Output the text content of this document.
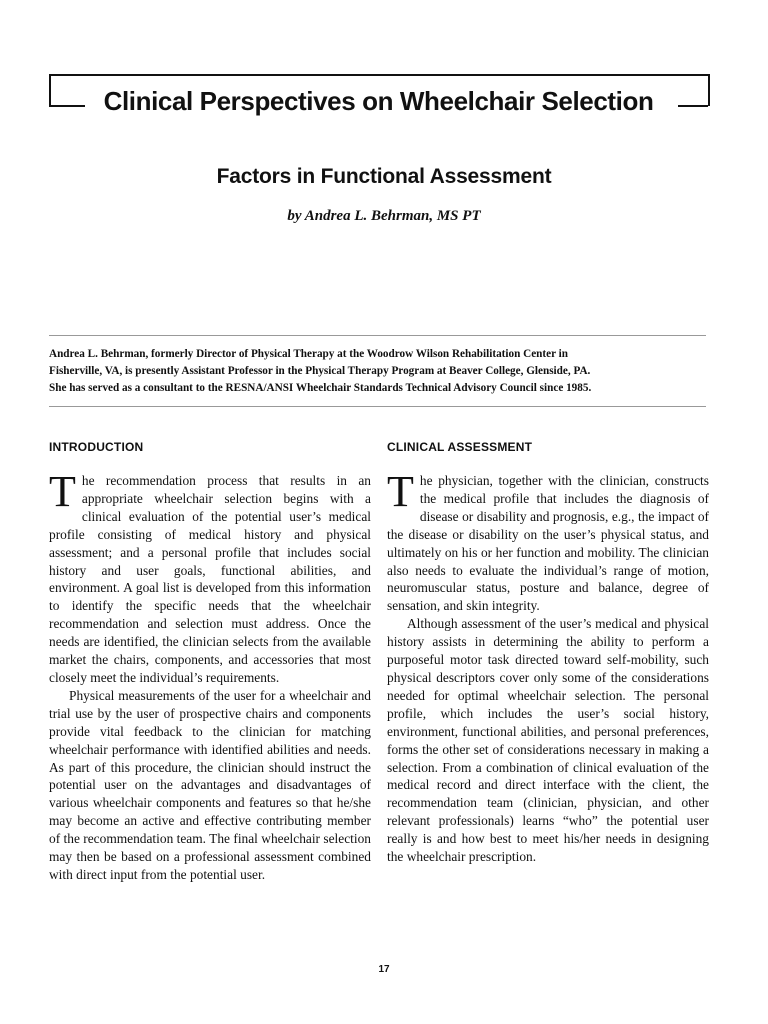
Clinical Perspectives on Wheelchair Selection
Factors in Functional Assessment
by Andrea L. Behrman, MS PT
Andrea L. Behrman, formerly Director of Physical Therapy at the Woodrow Wilson Rehabilitation Center in
Fisherville, VA, is presently Assistant Professor in the Physical Therapy Program at Beaver College, Glenside, PA.
She has served as a consultant to the RESNA/ANSI Wheelchair Standards Technical Advisory Council since 1985.
INTRODUCTION	CLINICAL ASSESSMENT

The recommendation process that results in an appropriate wheelchair selection begins with a clinical evaluation of the potential user’s medical profile consisting of medical history and physical assessment; and a personal profile that includes social history and user goals, functional abilities, and environment. A goal list is developed from this information to identify the specific needs that the wheelchair recommendation and selection must address. Once the needs are identified, the clinician selects from the available market the chairs, components, and accessories that most closely meet the individual’s requirements.

Physical measurements of the user for a wheelchair and trial use by the user of prospective chairs and components provide vital feedback to the clinician for matching wheelchair performance with identified abilities and needs. As part of this procedure, the clinician should instruct the potential user on the advantages and disadvantages of various wheelchair components and features so that he/she may become an active and effective contributing member of the recommendation team. The final wheelchair selection may then be based on a professional assessment combined with direct input from the potential user.

The physician, together with the clinician, constructs the medical profile that includes the diagnosis of disease or disability and prognosis, e.g., the impact of the disease or disability on the user’s physical status, and ultimately on his or her function and mobility. The clinician also needs to evaluate the individual’s range of motion, neuromuscular status, posture and balance, degree of sensation, and skin integrity.

Although assessment of the user’s medical and physical history assists in determining the ability to perform a purposeful motor task directed toward self-mobility, such physical descriptors cover only some of the considerations needed for optimal wheelchair selection. The personal profile, which includes the user’s social history, environment, functional abilities, and personal preferences, forms the other set of considerations necessary in making a selection. From a combination of clinical evaluation of the medical record and direct interface with the client, the recommendation team (clinician, physician, and other relevant professionals) learns “who” the potential user really is and how best to meet his/her needs in designing the wheelchair prescription.

17
